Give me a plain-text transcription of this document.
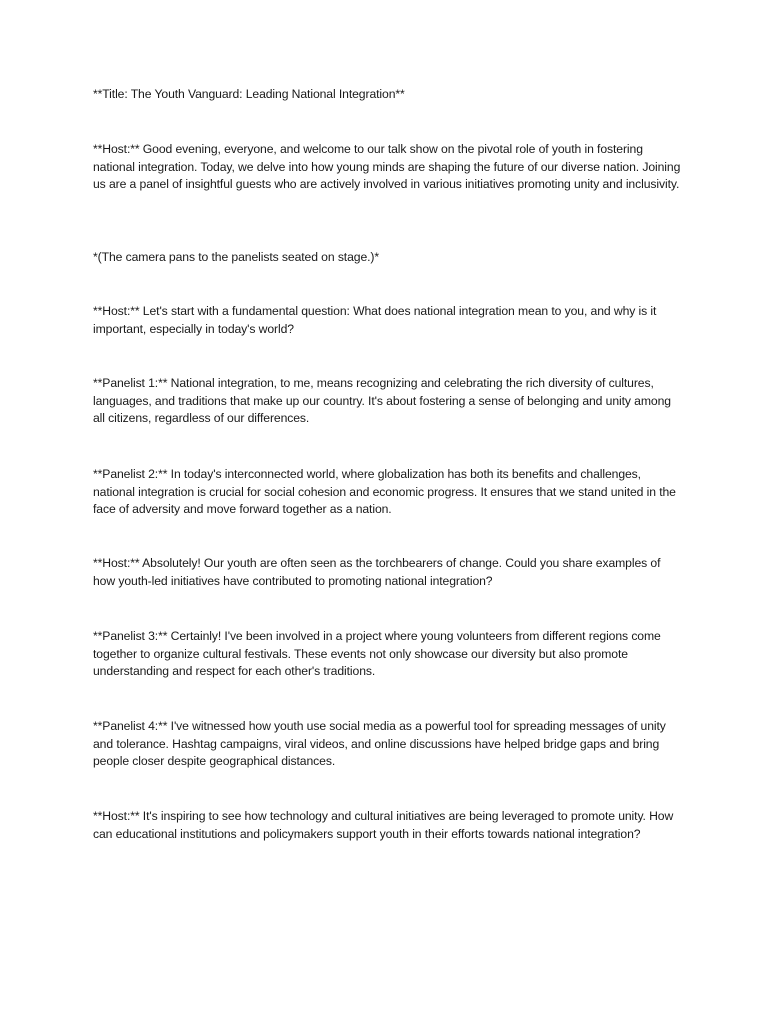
**Title: The Youth Vanguard: Leading National Integration**

**Host:** Good evening, everyone, and welcome to our talk show on the pivotal role of youth in fostering national integration. Today, we delve into how young minds are shaping the future of our diverse nation. Joining us are a panel of insightful guests who are actively involved in various initiatives promoting unity and inclusivity.

*(The camera pans to the panelists seated on stage.)*

**Host:** Let's start with a fundamental question: What does national integration mean to you, and why is it important, especially in today's world?

**Panelist 1:** National integration, to me, means recognizing and celebrating the rich diversity of cultures, languages, and traditions that make up our country. It's about fostering a sense of belonging and unity among all citizens, regardless of our differences.

**Panelist 2:** In today's interconnected world, where globalization has both its benefits and challenges, national integration is crucial for social cohesion and economic progress. It ensures that we stand united in the face of adversity and move forward together as a nation.

**Host:** Absolutely! Our youth are often seen as the torchbearers of change. Could you share examples of how youth-led initiatives have contributed to promoting national integration?

**Panelist 3:** Certainly! I've been involved in a project where young volunteers from different regions come together to organize cultural festivals. These events not only showcase our diversity but also promote understanding and respect for each other's traditions.

**Panelist 4:** I've witnessed how youth use social media as a powerful tool for spreading messages of unity and tolerance. Hashtag campaigns, viral videos, and online discussions have helped bridge gaps and bring people closer despite geographical distances.

**Host:** It's inspiring to see how technology and cultural initiatives are being leveraged to promote unity. How can educational institutions and policymakers support youth in their efforts towards national integration?
